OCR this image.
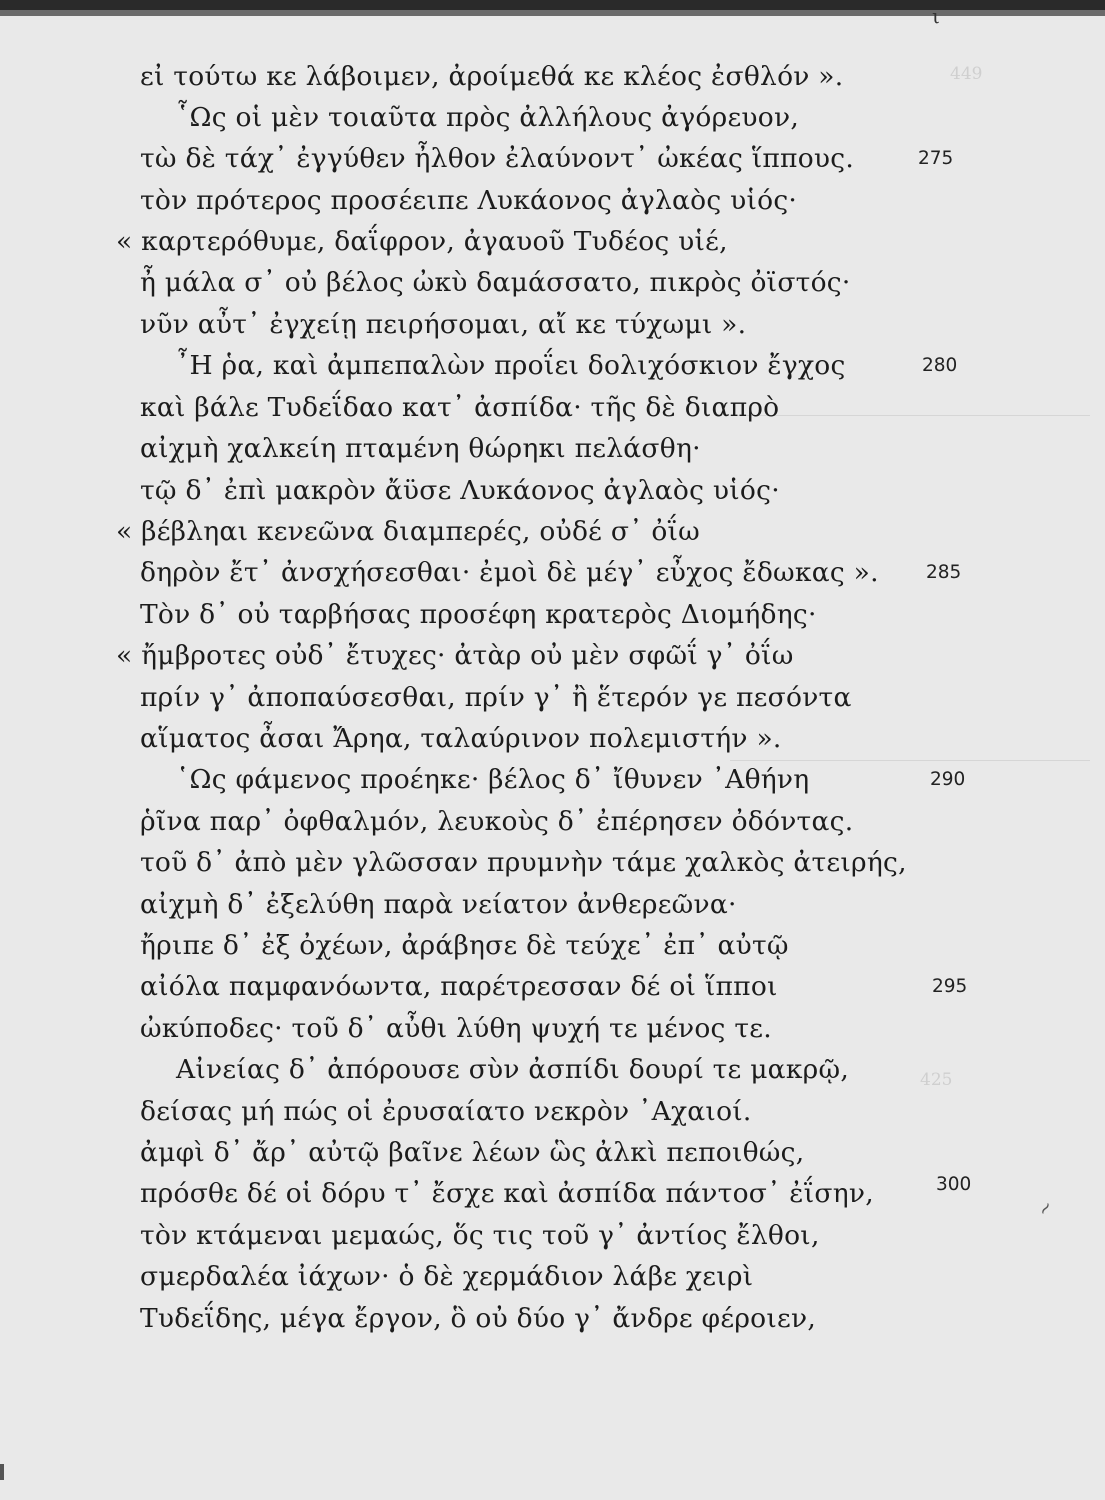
ι
449
425
εἰ τούτω κε λάβοιμεν, ἀροίμεθά κε κλέος ἐσθλόν ».
῟Ως οἱ μὲν τοιαῦτα πρὸς ἀλλήλους ἀγόρευον,
τὼ δὲ τάχ᾽ ἐγγύθεν ἦλθον ἐλαύνοντ᾽ ὠκέας ἵππους.
τὸν πρότερος προσέειπε Λυκάονος ἀγλαὸς υἱός·
« καρτερόθυμε, δαΐφρον, ἀγαυοῦ Τυδέος υἱέ,
ἦ μάλα σ᾽ οὐ βέλος ὠκὺ δαμάσσατο, πικρὸς ὀϊστός·
νῦν αὖτ᾽ ἐγχείῃ πειρήσομαι, αἴ κε τύχωμι ».
῏Η ῥα, καὶ ἀμπεπαλὼν προΐει δολιχόσκιον ἔγχος
καὶ βάλε Τυδεΐδαο κατ᾽ ἀσπίδα· τῆς δὲ διαπρὸ
αἰχμὴ χαλκείη πταμένη θώρηκι πελάσθη·
τῷ δ᾽ ἐπὶ μακρὸν ἄϋσε Λυκάονος ἀγλαὸς υἱός·
« βέβληαι κενεῶνα διαμπερές, οὐδέ σ᾽ ὀΐω
δηρὸν ἔτ᾽ ἀνσχήσεσθαι· ἐμοὶ δὲ μέγ᾽ εὖχος ἔδωκας ».
Τὸν δ᾽ οὐ ταρβήσας προσέφη κρατερὸς Διομήδης·
« ἤμβροτες οὐδ᾽ ἔτυχες· ἀτὰρ οὐ μὲν σφῶΐ γ᾽ ὀΐω
πρίν γ᾽ ἀποπαύσεσθαι, πρίν γ᾽ ἢ ἕτερόν γε πεσόντα
αἵματος ἆσαι Ἄρηα, ταλαύρινον πολεμιστήν ».
῾Ως φάμενος προέηκε· βέλος δ᾽ ἴθυνεν ᾽Αθήνη
ῥῖνα παρ᾽ ὀφθαλμόν, λευκοὺς δ᾽ ἐπέρησεν ὀδόντας.
τοῦ δ᾽ ἀπὸ μὲν γλῶσσαν πρυμνὴν τάμε χαλκὸς ἀτειρής,
αἰχμὴ δ᾽ ἐξελύθη παρὰ νείατον ἀνθερεῶνα·
ἤριπε δ᾽ ἐξ ὀχέων, ἀράβησε δὲ τεύχε᾽ ἐπ᾽ αὐτῷ
αἰόλα παμφανόωντα, παρέτρεσσαν δέ οἱ ἵπποι
ὠκύποδες· τοῦ δ᾽ αὖθι λύθη ψυχή τε μένος τε.
Αἰνείας δ᾽ ἀπόρουσε σὺν ἀσπίδι δουρί τε μακρῷ,
δείσας μή πώς οἱ ἐρυσαίατο νεκρὸν ᾽Αχαιοί.
ἀμφὶ δ᾽ ἄρ᾽ αὐτῷ βαῖνε λέων ὣς ἀλκὶ πεποιθώς,
πρόσθε δέ οἱ δόρυ τ᾽ ἔσχε καὶ ἀσπίδα πάντοσ᾽ ἐΐσην,
τὸν κτάμεναι μεμαώς, ὅς τις τοῦ γ᾽ ἀντίος ἔλθοι,
σμερδαλέα ἰάχων· ὁ δὲ χερμάδιον λάβε χειρὶ
Τυδεΐδης, μέγα ἔργον, ὃ οὐ δύο γ᾽ ἄνδρε φέροιεν,
275
280
285
290
295
300
~
